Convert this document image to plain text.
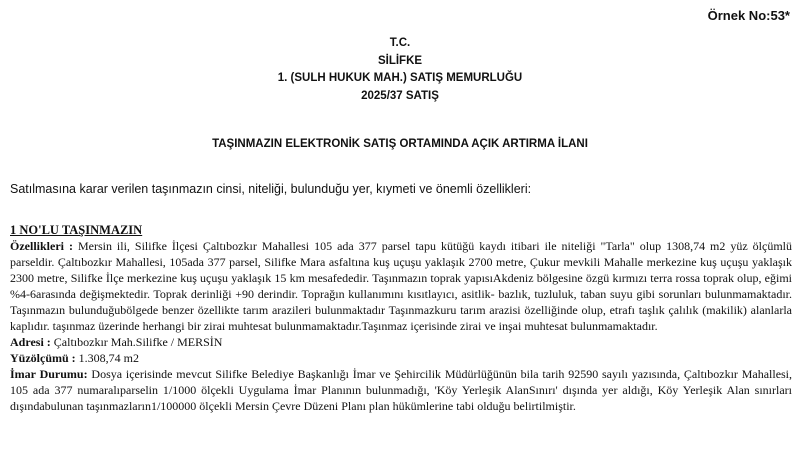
Örnek No:53*
T.C.
SİLİFKE
1. (SULH HUKUK MAH.) SATIŞ MEMURLUĞU
2025/37 SATIŞ
TAŞINMAZIN ELEKTRONİK SATIŞ ORTAMINDA AÇIK ARTIRMA İLANI
Satılmasına karar verilen taşınmazın cinsi, niteliği, bulunduğu yer, kıymeti ve önemli özellikleri:
1 NO'LU TAŞINMAZIN

Özellikleri : Mersin ili, Silifke İlçesi Çaltıbozkır Mahallesi 105 ada 377 parsel tapu kütüğü kaydı itibari ile niteliği "Tarla" olup 1308,74 m2 yüz ölçümlü parseldir. Çaltıbozkır Mahallesi, 105ada 377 parsel, Silifke Mara asfaltına kuş uçuşu yaklaşık 2700 metre, Çukur mevkili Mahalle merkezine kuş uçuşu yaklaşık 2300 metre, Silifke İlçe merkezine kuş uçuşu yaklaşık 15 km mesafededir. Taşınmazın toprak yapısıAkdeniz bölgesine özgü kırmızı terra rossa toprak olup, eğimi %4-6arasında değişmektedir. Toprak derinliği +90 derindir. Toprağın kullanımını kısıtlayıcı, asitlik- bazlık, tuzluluk, taban suyu gibi sorunları bulunmamaktadır. Taşınmazın bulunduğubölgede benzer özellikte tarım arazileri bulunmaktadır Taşınmazkuru tarım arazisi özelliğinde olup, etrafı taşlık çalılık (makilik) alanlarla kaplıdır. taşınmaz üzerinde herhangi bir zirai muhtesat bulunmamaktadır.Taşınmaz içerisinde zirai ve inşai muhtesat bulunmamaktadır.

Adresi : Çaltıbozkır Mah.Silifke / MERSİN

Yüzölçümü : 1.308,74 m2

İmar Durumu: Dosya içerisinde mevcut Silifke Belediye Başkanlığı İmar ve Şehircilik Müdürlüğünün bila tarih 92590 sayılı yazısında, Çaltıbozkır Mahallesi, 105 ada 377 numaralıparselin 1/1000 ölçekli Uygulama İmar Planının bulunmadığı, 'Köy Yerleşik AlanSınırı' dışında yer aldığı, Köy Yerleşik Alan sınırları dışındabulunan taşınmazların1/100000 ölçekli Mersin Çevre Düzeni Planı plan hükümlerine tabi olduğu belirtilmiştir.
